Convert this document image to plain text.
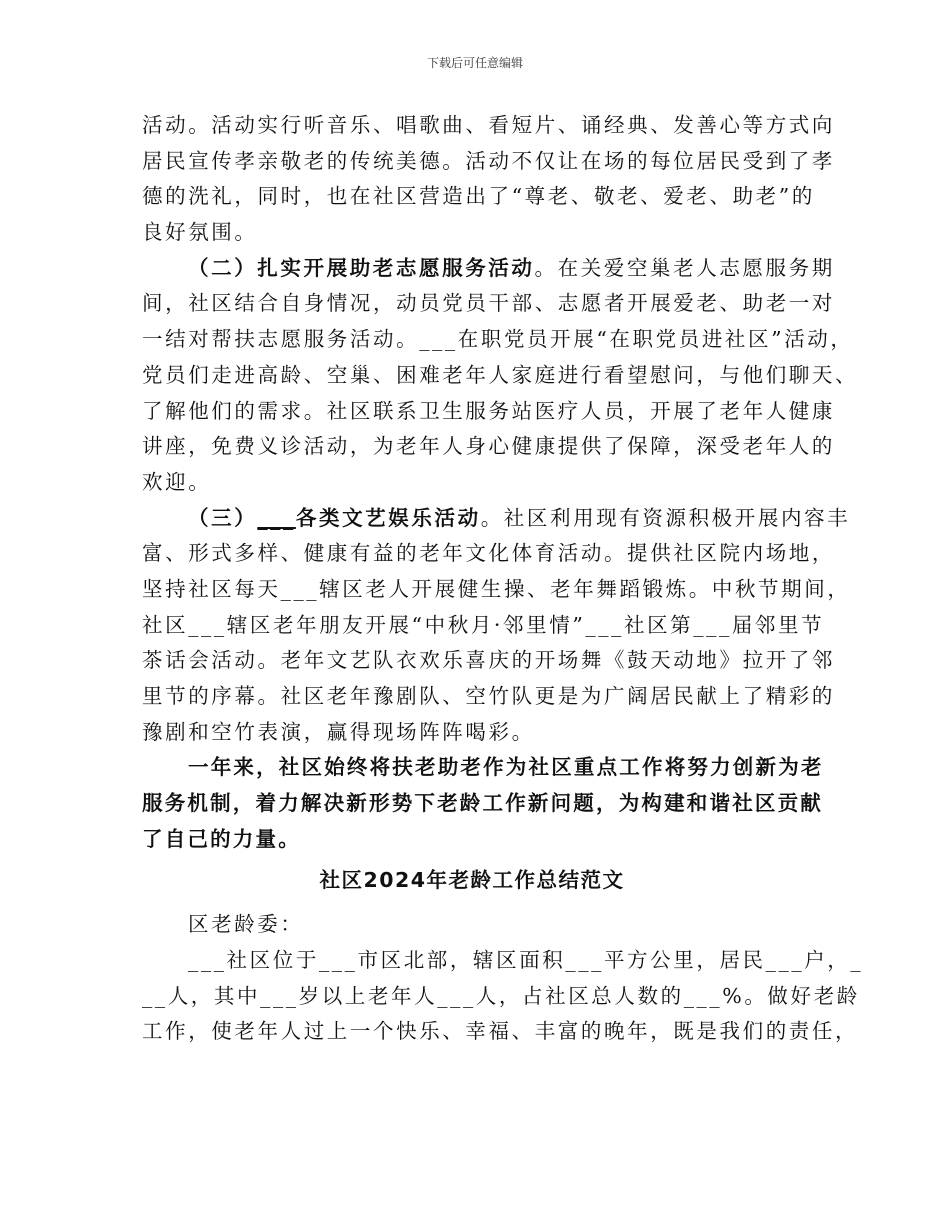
下载后可任意编辑
活动。活动实行听音乐、唱歌曲、看短片、诵经典、发善心等方式向
居民宣传孝亲敬老的传统美德。活动不仅让在场的每位居民受到了孝
德的洗礼，同时，也在社区营造出了“尊老、敬老、爱老、助老”的
良好氛围。
（二）扎实开展助老志愿服务活动。在关爱空巢老人志愿服务期
间，社区结合自身情况，动员党员干部、志愿者开展爱老、助老一对
一结对帮扶志愿服务活动。___在职党员开展“在职党员进社区”活动，
党员们走进高龄、空巢、困难老年人家庭进行看望慰问，与他们聊天、
了解他们的需求。社区联系卫生服务站医疗人员，开展了老年人健康
讲座，免费义诊活动，为老年人身心健康提供了保障，深受老年人的
欢迎。
（三）___各类文艺娱乐活动。社区利用现有资源积极开展内容丰
富、形式多样、健康有益的老年文化体育活动。提供社区院内场地，
坚持社区每天___辖区老人开展健生操、老年舞蹈锻炼。中秋节期间，
社区___辖区老年朋友开展“中秋月·邻里情”___社区第___届邻里节
茶话会活动。老年文艺队衣欢乐喜庆的开场舞《鼓天动地》拉开了邻
里节的序幕。社区老年豫剧队、空竹队更是为广阔居民献上了精彩的
豫剧和空竹表演，赢得现场阵阵喝彩。
一年来，社区始终将扶老助老作为社区重点工作将努力创新为老
服务机制，着力解决新形势下老龄工作新问题，为构建和谐社区贡献
了自己的力量。
社区2024年老龄工作总结范文
区老龄委：
___社区位于___市区北部，辖区面积___平方公里，居民___户，_
__人，其中___岁以上老年人___人，占社区总人数的___%。做好老龄
工作，使老年人过上一个快乐、幸福、丰富的晚年，既是我们的责任，
